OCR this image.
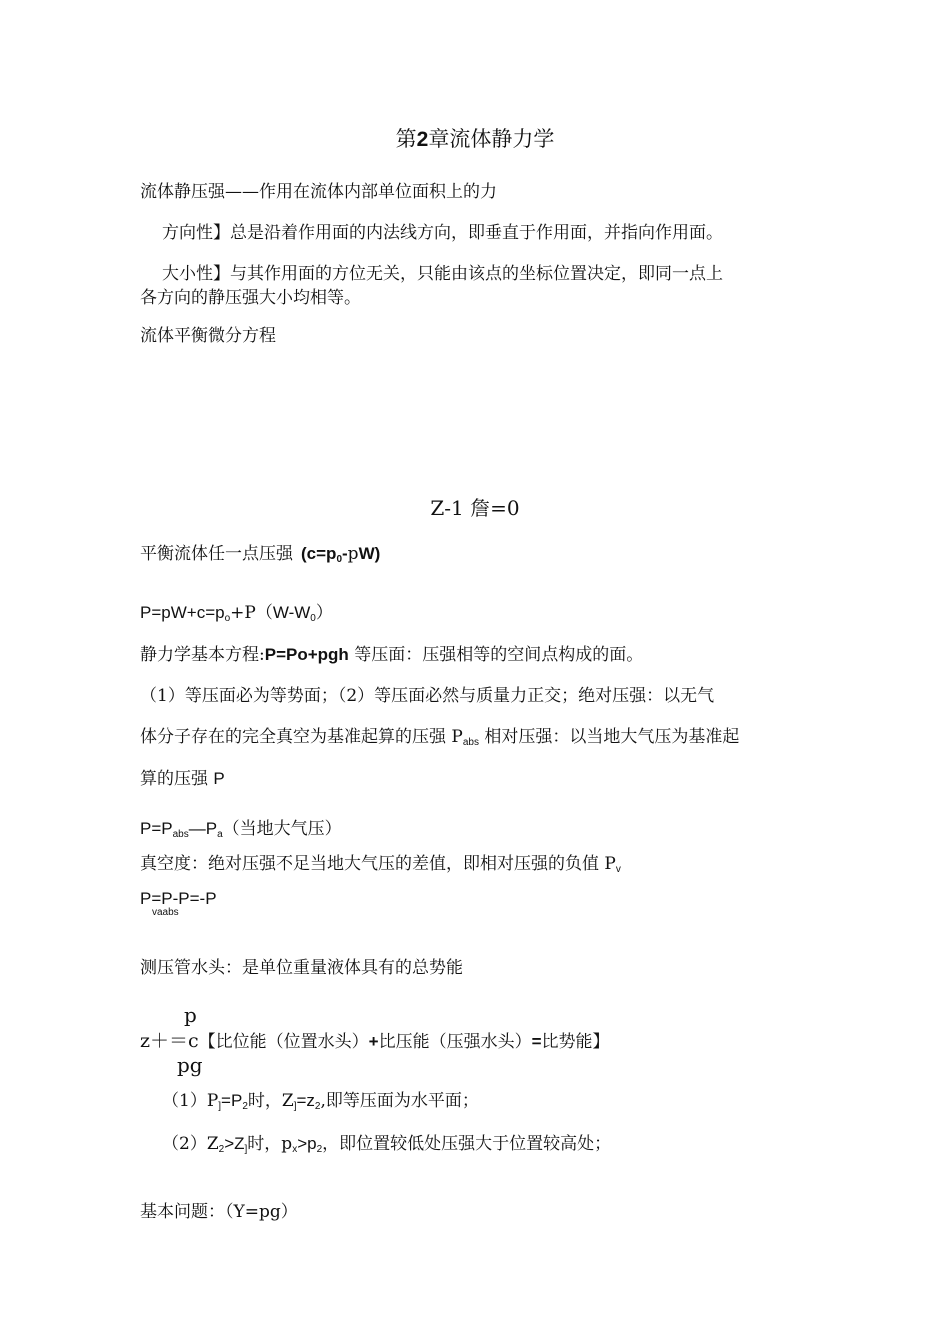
第2章流体静力学
流体静压强——作用在流体内部单位面积上的力
方向性】总是沿着作用面的内法线方向，即垂直于作用面，并指向作用面。
大小性】与其作用面的方位无关，只能由该点的坐标位置决定，即同一点上
各方向的静压强大小均相等。
流体平衡微分方程
Z-1 詹=0
平衡流体任一点压强 $(c=p_0-pW)$
$P=pW+c=p_o+P(W-W_0)$
静力学基本方程:P=Po+pgh 等压面：压强相等的空间点构成的面。
（1）等压面必为等势面；（2）等压面必然与质量力正交；绝对压强：以无气
体分子存在的完全真空为基准起算的压强 $P_{abs}$ 相对压强：以当地大气压为基准起
算的压强 P
$P=P_{abs}—P_a$（当地大气压）
真空度：绝对压强不足当地大气压的差值，即相对压强的负值 $P_v$
P=P-P=-P
vaabs
测压管水头：是单位重量液体具有的总势能
p
z＋＝c【比位能（位置水头）+比压能（压强水头）=比势能】
pg
$(1)P_]=P_2$时，$Z_]=z_2$,即等压面为水平面；
$(2)Z_2>Z_]$时，$p_x>p_2$，即位置较低处压强大于位置较高处；
基本问题：（Y=pg）
